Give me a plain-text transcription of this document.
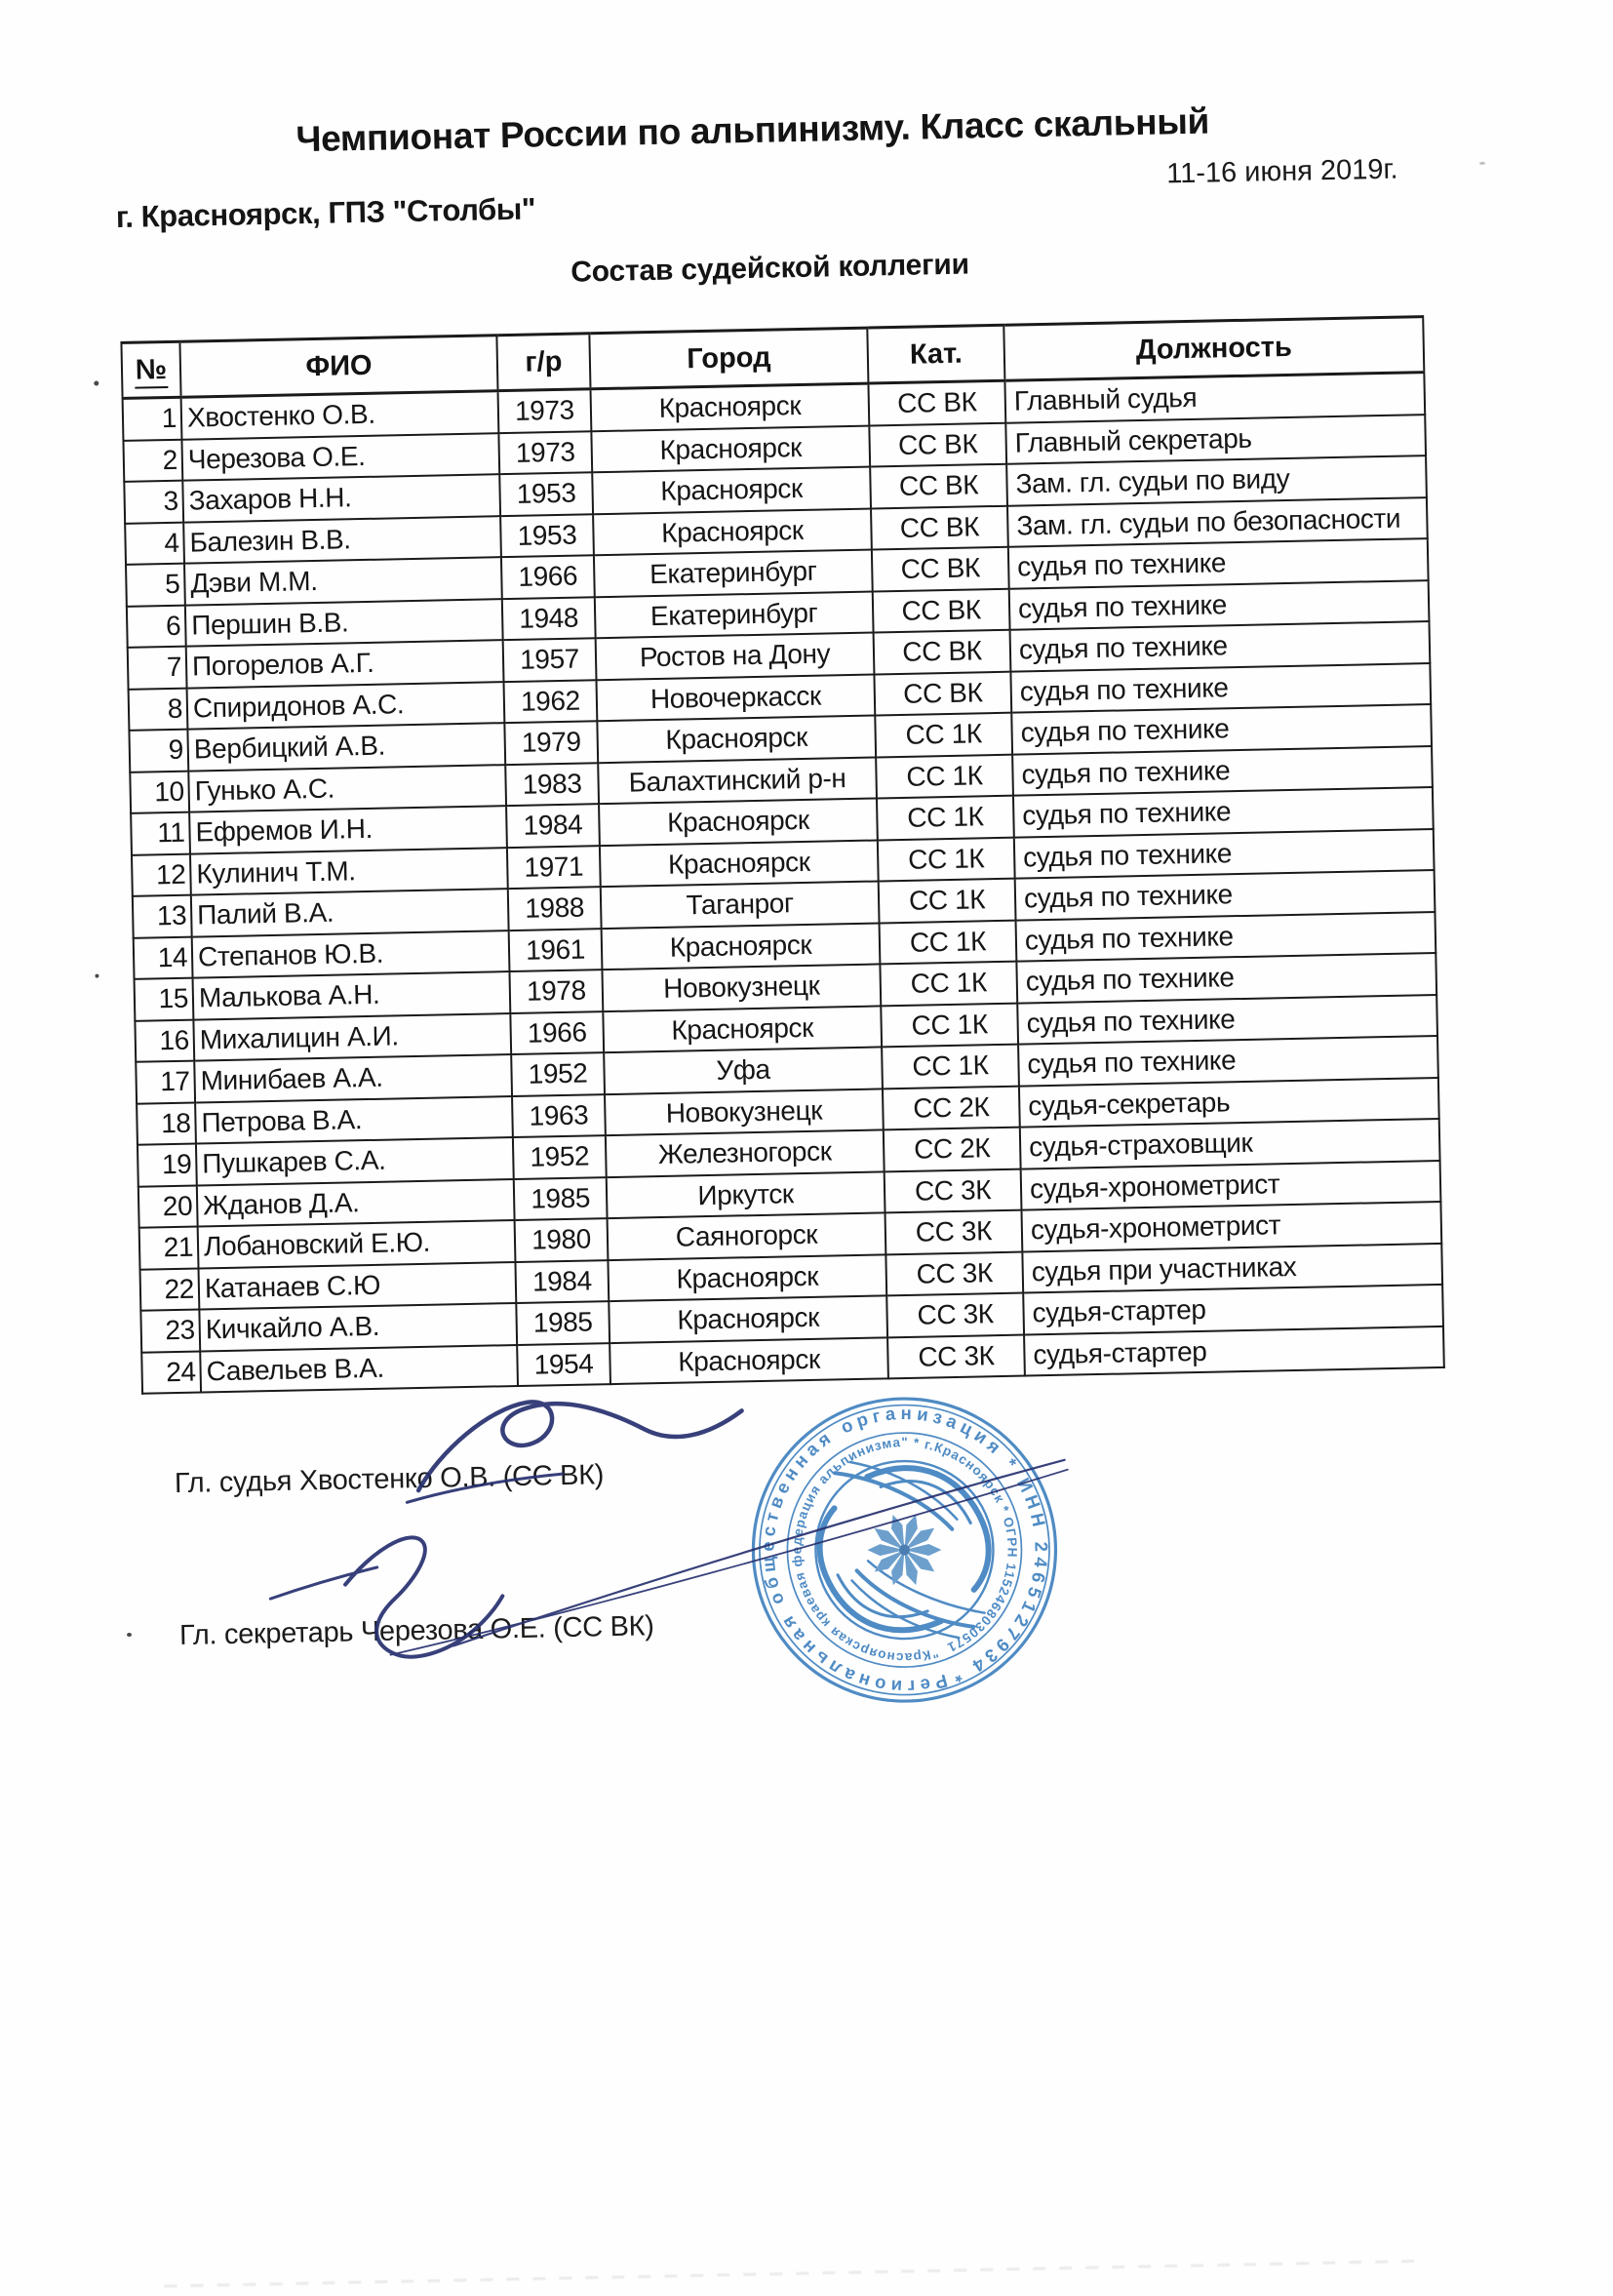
Чемпионат России по альпинизму. Класс скальный
г. Красноярск, ГПЗ "Столбы"
11-16 июня 2019г.
Состав судейской коллегии
№	ФИО	г/р	Город	Кат.	Должность
1	Хвостенко О.В.	1973	Красноярск	СС ВК	Главный судья
2	Черезова О.Е.	1973	Красноярск	СС ВК	Главный секретарь
3	Захаров Н.Н.	1953	Красноярск	СС ВК	Зам. гл. судьи по виду
4	Балезин В.В.	1953	Красноярск	СС ВК	Зам. гл. судьи по безопасности
5	Дэви М.М.	1966	Екатеринбург	СС ВК	судья по технике
6	Першин В.В.	1948	Екатеринбург	СС ВК	судья по технике
7	Погорелов А.Г.	1957	Ростов на Дону	СС ВК	судья по технике
8	Спиридонов А.С.	1962	Новочеркасск	СС ВК	судья по технике
9	Вербицкий А.В.	1979	Красноярск	СС 1К	судья по технике
10	Гунько А.С.	1983	Балахтинский р-н	СС 1К	судья по технике
11	Ефремов И.Н.	1984	Красноярск	СС 1К	судья по технике
12	Кулинич Т.М.	1971	Красноярск	СС 1К	судья по технике
13	Палий В.А.	1988	Таганрог	СС 1К	судья по технике
14	Степанов Ю.В.	1961	Красноярск	СС 1К	судья по технике
15	Малькова А.Н.	1978	Новокузнецк	СС 1К	судья по технике
16	Михалицин А.И.	1966	Красноярск	СС 1К	судья по технике
17	Минибаев А.А.	1952	Уфа	СС 1К	судья по технике
18	Петрова В.А.	1963	Новокузнецк	СС 2К	судья-секретарь
19	Пушкарев С.А.	1952	Железногорск	СС 2К	судья-страховщик
20	Жданов Д.А.	1985	Иркутск	СС 3К	судья-хронометрист
21	Лобановский Е.Ю.	1980	Саяногорск	СС 3К	судья-хронометрист
22	Катанаев С.Ю	1984	Красноярск	СС 3К	судья при участниках
23	Кичкайло А.В.	1985	Красноярск	СС 3К	судья-стартер
24	Савельев В.А.	1954	Красноярск	СС 3К	судья-стартер
Гл. судья Хвостенко О.В. (СС ВК)
Гл. секретарь Черезова О.Е. (СС ВК)
Региональная общественная организация * ИНН 2465127934 *
"Красноярская краевая федерация альпинизма" * г.Красноярск * ОГРН 1152468030571
